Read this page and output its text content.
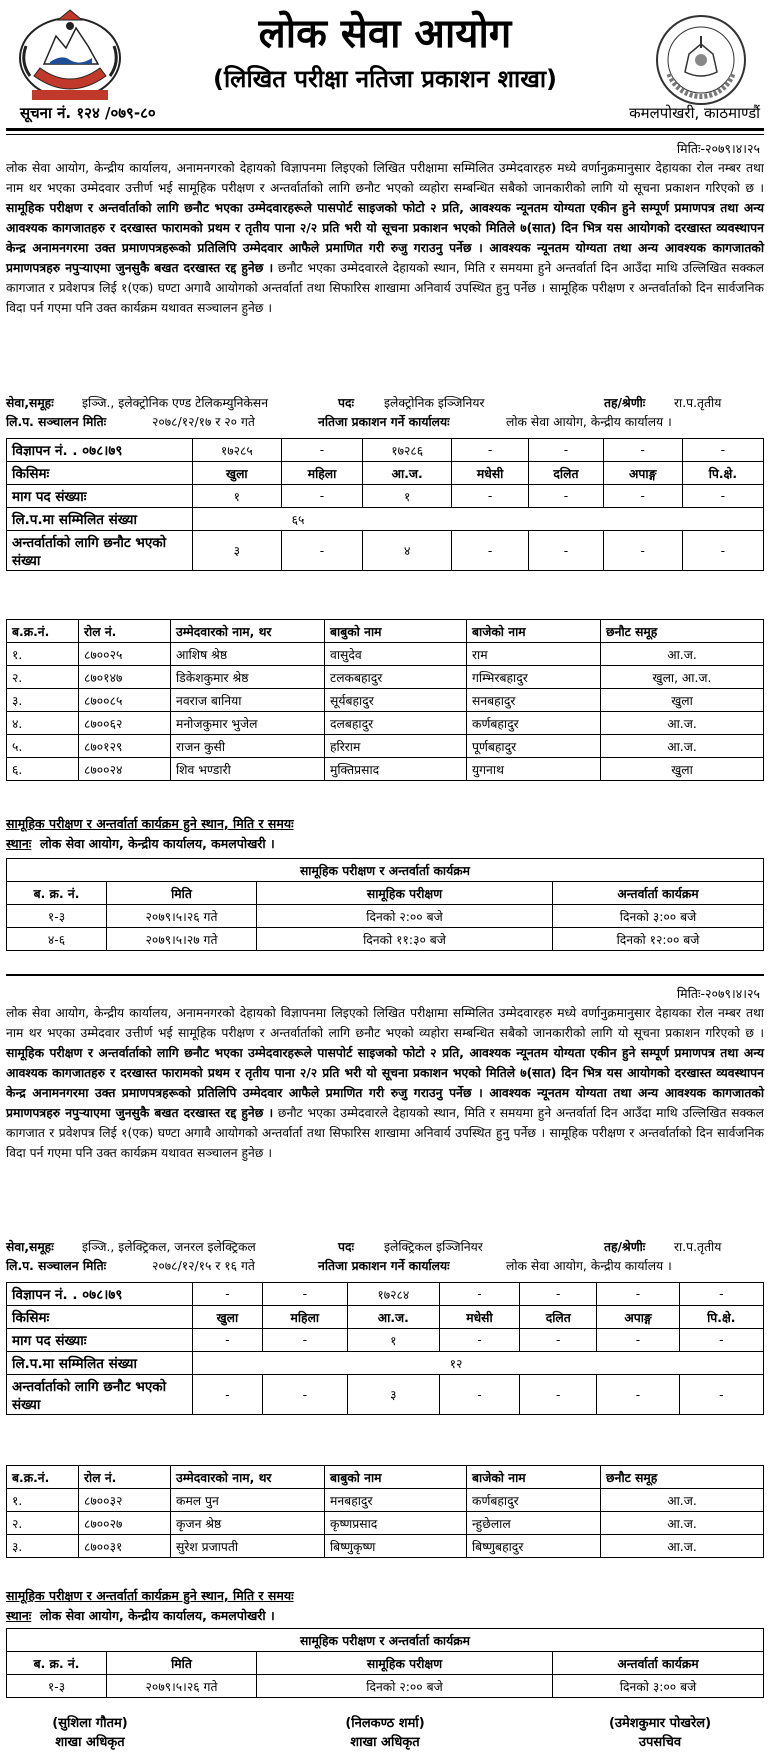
लोक सेवा आयोग
(लिखित परीक्षा नतिजा प्रकाशन शाखा)
सूचना नं. १२४ /०७९-८०	कमलपोखरी, काठमाण्डौं
मितिः-२०७९।४।२५

लोक सेवा आयोग, केन्द्रीय कार्यालय, अनामनगरको देहायको विज्ञापनमा लिइएको लिखित परीक्षामा सम्मिलित उम्मेदवारहरु मध्ये वर्णानुक्रमानुसार देहायका रोल नम्बर तथा नाम थर भएका उम्मेदवार उत्तीर्ण भई सामूहिक परीक्षण र अन्तर्वार्ताको लागि छनौट भएको व्यहोरा सम्बन्धित सबैको जानकारीको लागि यो सूचना प्रकाशन गरिएको छ । सामूहिक परीक्षण र अन्तर्वार्ताको लागि छनौट भएका उम्मेदवारहरूले पासपोर्ट साइजको फोटो २ प्रति, आवश्यक न्यूनतम योग्यता एकीन हुने सम्पूर्ण प्रमाणपत्र तथा अन्य आवश्यक कागजातहरु र दरखास्त फारामको प्रथम र तृतीय पाना २/२ प्रति भरी यो सूचना प्रकाशन भएको मितिले ७(सात) दिन भित्र यस आयोगको दरखास्त व्यवस्थापन केन्द्र अनामनगरमा उक्त प्रमाणपत्रहरूको प्रतिलिपि उम्मेदवार आफैले प्रमाणित गरी रुजु गराउनु पर्नेछ । आवश्यक न्यूनतम योग्यता तथा अन्य आवश्यक कागजातको प्रमाणपत्रहरु नपुऱ्याएमा जुनसुकै बखत दरखास्त रद्द हुनेछ । छनौट भएका उम्मेदवारले देहायको स्थान, मिति र समयमा हुने अन्तर्वार्ता दिन आउँदा माथि उल्लिखित सक्कल कागजात र प्रवेशपत्र लिई १(एक) घण्टा अगावै आयोगको अन्तर्वार्ता तथा सिफारिस शाखामा अनिवार्य उपस्थित हुनु पर्नेछ । सामूहिक परीक्षण र अन्तर्वार्ताको दिन सार्वजनिक विदा पर्न गएमा पनि उक्त कार्यक्रम यथावत सञ्चालन हुनेछ ।

सेवा,समूहः इञ्जि., इलेक्ट्रोनिक एण्ड टेलिकम्युनिकेसन	पदः इलेक्ट्रोनिक इञ्जिनियर	तह/श्रेणीः रा.प.तृतीय
लि.प. सञ्चालन मितिः	२०७८/१२/१७ र २० गते	नतिजा प्रकाशन गर्ने कार्यालयः	लोक सेवा आयोग, केन्द्रीय कार्यालय ।
विज्ञापन नं. . ०७८।७९	१७२८५	-	१७२८६	-	-	-	-
किसिमः	खुला	महिला	आ.ज.	मधेसी	दलित	अपाङ्ग	पि.क्षे.
माग पद संख्याः	१	-	१	-	-	-	-
लि.प.मा सम्मिलित संख्या	६५						
अन्तर्वार्ताको लागि छनौट भएको संख्या	३	-	४	-	-	-	-
ब.क्र.नं.	रोल नं.	उम्मेदवारको नाम, थर	बाबुको नाम	बाजेको नाम	छनौट समूह
१.	८७००२५	आशिष श्रेष्ठ	वासुदेव	राम	आ.ज.
२.	८७०१४७	डिकेशकुमार श्रेष्ठ	टलकबहादुर	गम्भिरबहादुर	खुला, आ.ज.
३.	८७००८५	नवराज बानिया	सूर्यबहादुर	सनबहादुर	खुला
४.	८७००६२	मनोजकुमार भुजेल	दलबहादुर	कर्णबहादुर	आ.ज.
५.	८७०१२९	राजन कुसी	हरिराम	पूर्णबहादुर	आ.ज.
६.	८७००२४	शिव भण्डारी	मुक्तिप्रसाद	युगनाथ	खुला
सामूहिक परीक्षण र अन्तर्वार्ता कार्यक्रम हुने स्थान, मिति र समयः
स्थानः लोक सेवा आयोग, केन्द्रीय कार्यालय, कमलपोखरी ।
सामूहिक परीक्षण र अन्तर्वार्ता कार्यक्रम			
ब. क्र. नं.	मिति	सामूहिक परीक्षण	अन्तर्वार्ता कार्यक्रम
१-३	२०७९।५।२६ गते	दिनको २:०० बजे	दिनको ३:०० बजे
४-६	२०७९।५।२७ गते	दिनको ११:३० बजे	दिनको १२:०० बजे
मितिः-२०७९।४।२५

लोक सेवा आयोग, केन्द्रीय कार्यालय, अनामनगरको देहायको विज्ञापनमा लिइएको लिखित परीक्षामा सम्मिलित उम्मेदवारहरु मध्ये वर्णानुक्रमानुसार देहायका रोल नम्बर तथा नाम थर भएका उम्मेदवार उत्तीर्ण भई सामूहिक परीक्षण र अन्तर्वार्ताको लागि छनौट भएको व्यहोरा सम्बन्धित सबैको जानकारीको लागि यो सूचना प्रकाशन गरिएको छ । सामूहिक परीक्षण र अन्तर्वार्ताको लागि छनौट भएका उम्मेदवारहरूले पासपोर्ट साइजको फोटो २ प्रति, आवश्यक न्यूनतम योग्यता एकीन हुने सम्पूर्ण प्रमाणपत्र तथा अन्य आवश्यक कागजातहरु र दरखास्त फारामको प्रथम र तृतीय पाना २/२ प्रति भरी यो सूचना प्रकाशन भएको मितिले ७(सात) दिन भित्र यस आयोगको दरखास्त व्यवस्थापन केन्द्र अनामनगरमा उक्त प्रमाणपत्रहरूको प्रतिलिपि उम्मेदवार आफैले प्रमाणित गरी रुजु गराउनु पर्नेछ । आवश्यक न्यूनतम योग्यता तथा अन्य आवश्यक कागजातको प्रमाणपत्रहरु नपुऱ्याएमा जुनसुकै बखत दरखास्त रद्द हुनेछ । छनौट भएका उम्मेदवारले देहायको स्थान, मिति र समयमा हुने अन्तर्वार्ता दिन आउँदा माथि उल्लिखित सक्कल कागजात र प्रवेशपत्र लिई १(एक) घण्टा अगावै आयोगको अन्तर्वार्ता तथा सिफारिस शाखामा अनिवार्य उपस्थित हुनु पर्नेछ । सामूहिक परीक्षण र अन्तर्वार्ताको दिन सार्वजनिक विदा पर्न गएमा पनि उक्त कार्यक्रम यथावत सञ्चालन हुनेछ ।

सेवा,समूहः इञ्जि., इलेक्ट्रिकल, जनरल इलेक्ट्रिकल	पदः इलेक्ट्रिकल इञ्जिनियर	तह/श्रेणीः रा.प.तृतीय
लि.प. सञ्चालन मितिः	२०७८/१२/१५ र १६ गते	नतिजा प्रकाशन गर्ने कार्यालयः	लोक सेवा आयोग, केन्द्रीय कार्यालय ।
विज्ञापन नं. . ०७८।७९	-	-	१७२८४	-	-	-	-
किसिमः	खुला	महिला	आ.ज.	मधेसी	दलित	अपाङ्ग	पि.क्षे.
माग पद संख्याः	-	-	१	-	-	-	-
लि.प.मा सम्मिलित संख्या	१२						
अन्तर्वार्ताको लागि छनौट भएको संख्या	-	-	३	-	-	-	-
ब.क्र.नं.	रोल नं.	उम्मेदवारको नाम, थर	बाबुको नाम	बाजेको नाम	छनौट समूह
१.	८७००३२	कमल पुन	मनबहादुर	कर्णबहादुर	आ.ज.
२.	८७००२७	कृजन श्रेष्ठ	कृष्णप्रसाद	न्हुछेलाल	आ.ज.
३.	८७००३१	सुरेश प्रजापती	बिष्णुकृष्ण	बिष्णुबहादुर	आ.ज.
सामूहिक परीक्षण र अन्तर्वार्ता कार्यक्रम हुने स्थान, मिति र समयः
स्थानः लोक सेवा आयोग, केन्द्रीय कार्यालय, कमलपोखरी ।
सामूहिक परीक्षण र अन्तर्वार्ता कार्यक्रम			
ब. क्र. नं.	मिति	सामूहिक परीक्षण	अन्तर्वार्ता कार्यक्रम
१-३	२०७९।५।२६ गते	दिनको २:०० बजे	दिनको ३:०० बजे
(सुशिला गौतम)
शाखा अधिकृत
(निलकण्ठ शर्मा)
शाखा अधिकृत
(उमेशकुमार पोखरेल)
उपसचिव
